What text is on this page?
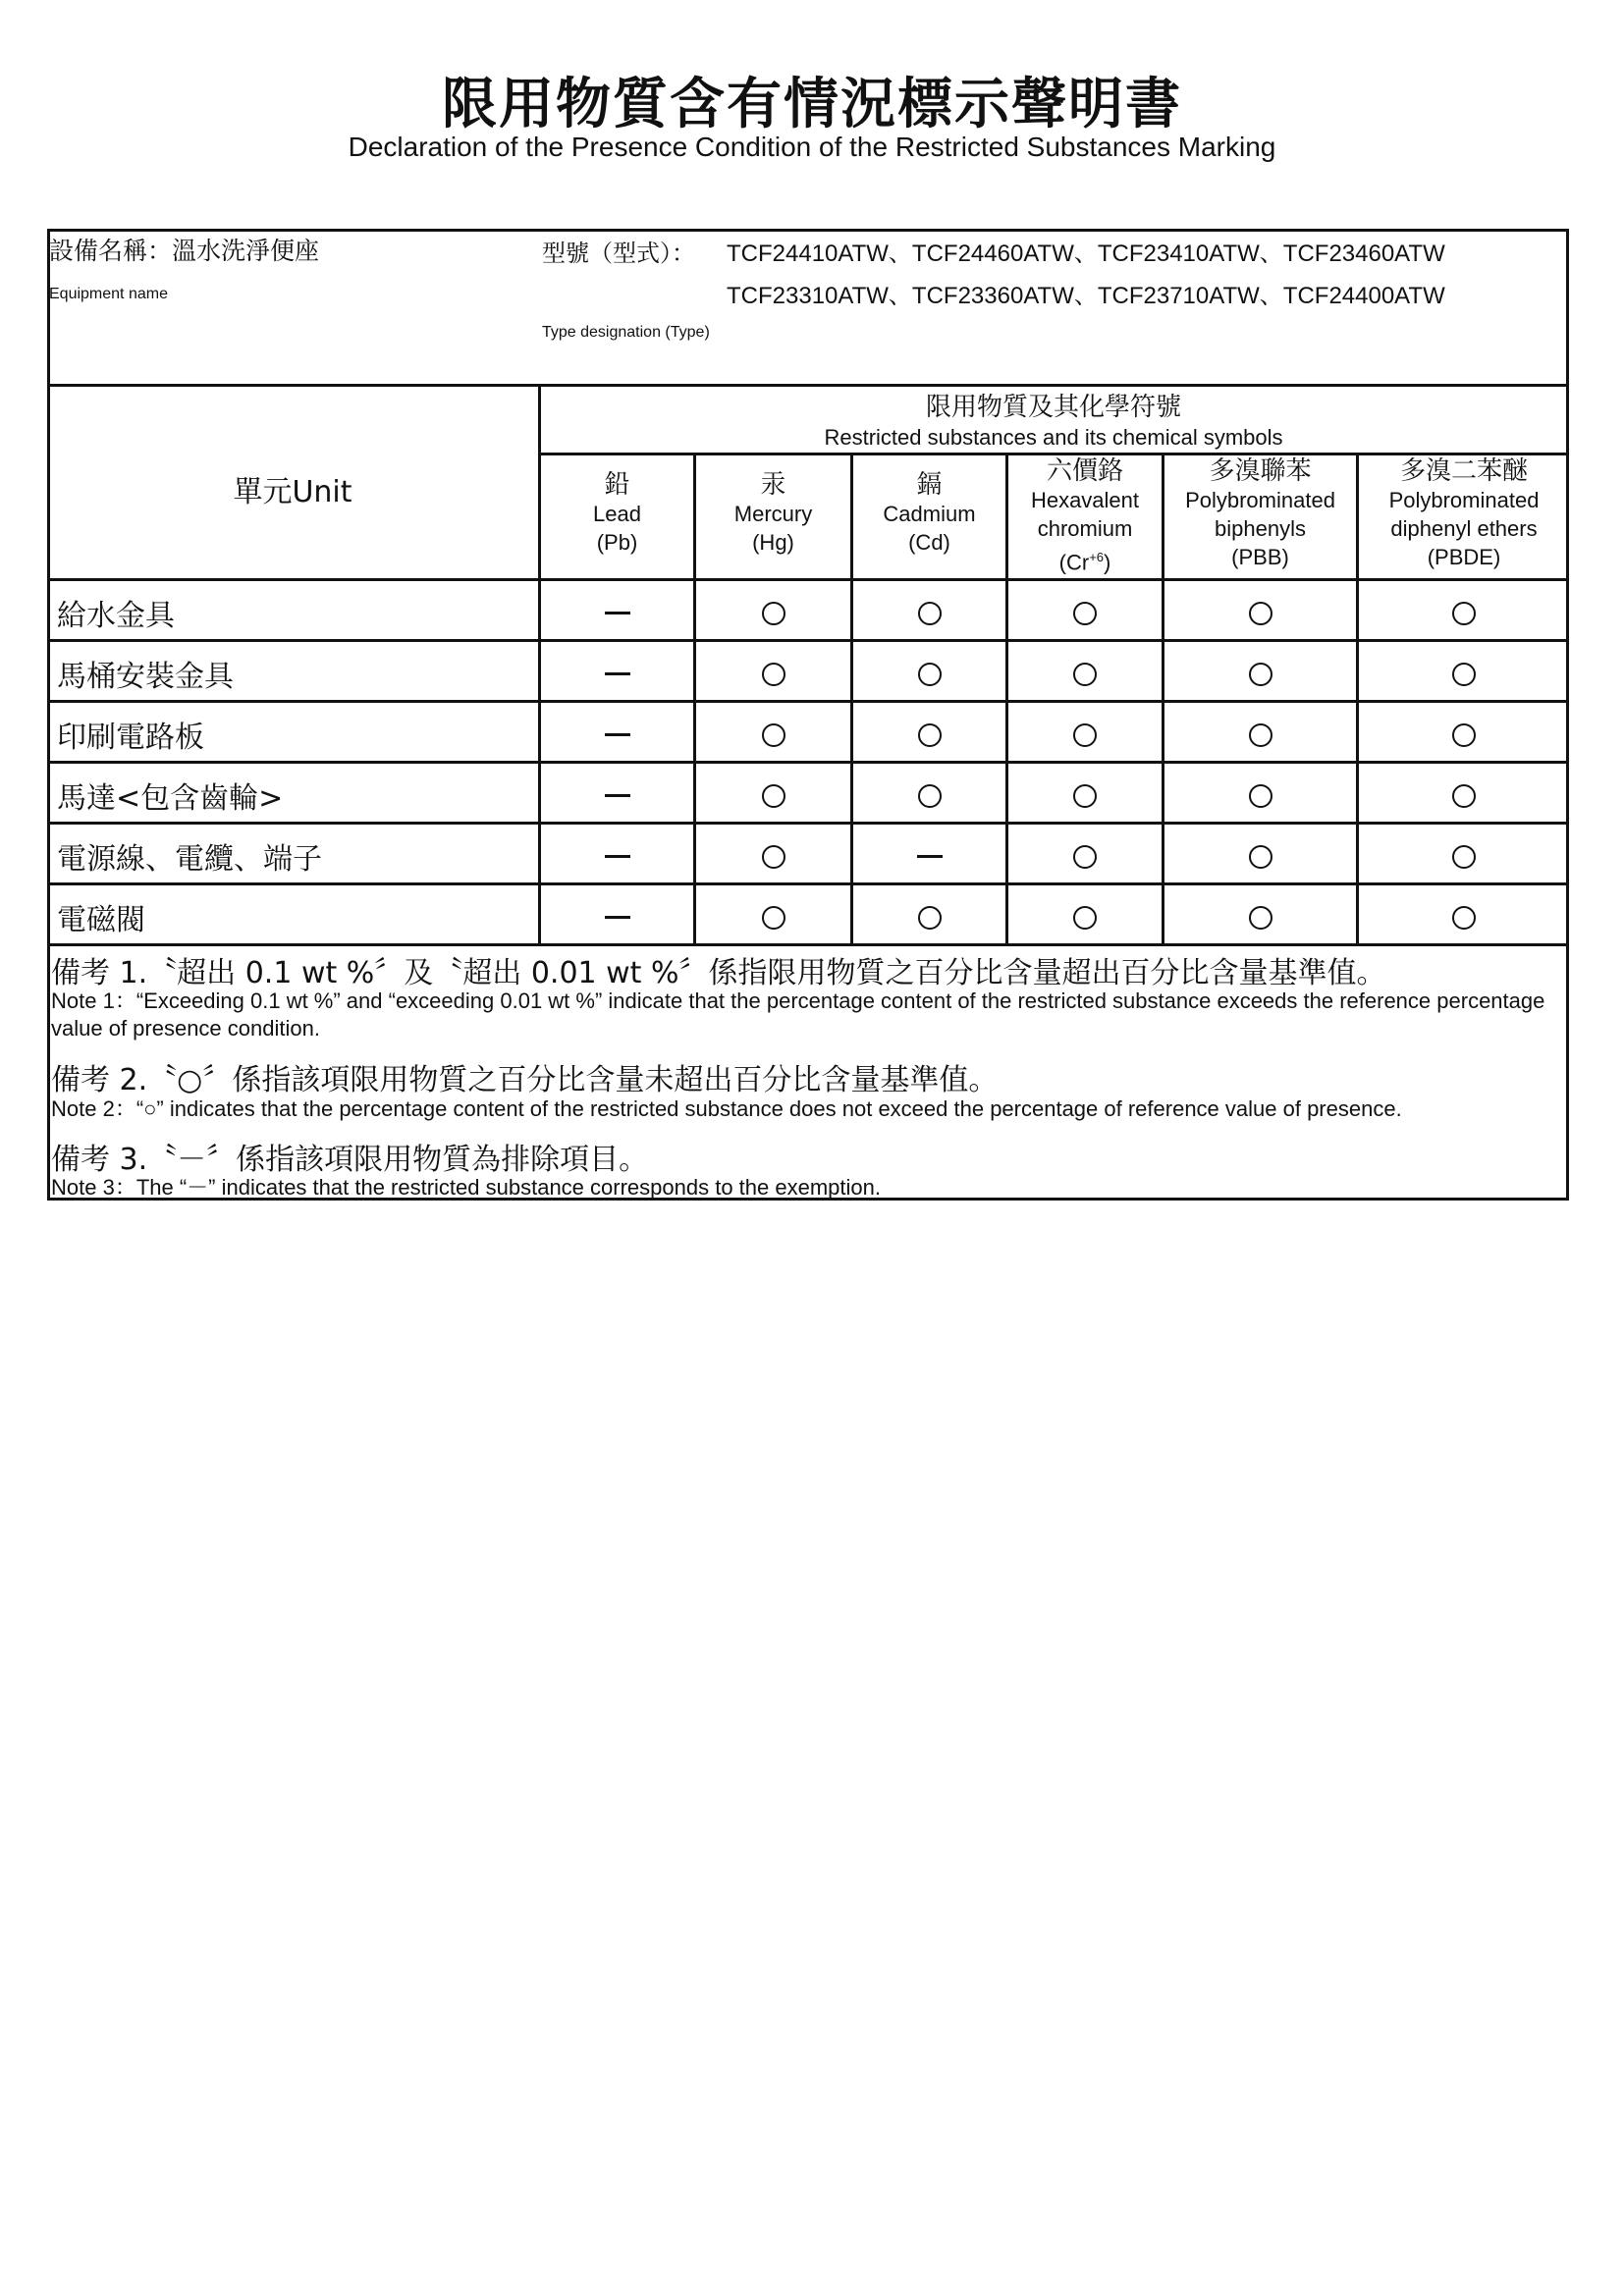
限用物質含有情況標示聲明書
Declaration of the Presence Condition of the Restricted Substances Marking
設備名稱：溫水洗淨便座
Equipment name
型號（型式）： TCF24410ATW、TCF24460ATW、TCF23410ATW、TCF23460ATW
TCF23310ATW、TCF23360ATW、TCF23710ATW、TCF24400ATW
Type designation (Type)
單元Unit
限用物質及其化學符號
Restricted substances and its chemical symbols
鉛
Lead
(Pb)
汞
Mercury
(Hg)
鎘
Cadmium
(Cd)
六價鉻
Hexavalent
chromium
$(Cr^{+6})$
多溴聯苯
Polybrominated
biphenyls
(PBB)
多溴二苯醚
Polybrominated
diphenyl ethers
(PBDE)
給水金具
馬桶安裝金具
印刷電路板
馬達<包含齒輪>
電源線、電纜、端子
電磁閥
備考 1.〝超出 0.1 wt %〞及〝超出 0.01 wt %〞係指限用物質之百分比含量超出百分比含量基準值。
Note 1：“Exceeding 0.1 wt %” and “exceeding 0.01 wt %” indicate that the percentage content of the restricted substance exceeds the reference percentage value of presence condition.
備考 2.〝○〞係指該項限用物質之百分比含量未超出百分比含量基準值。
Note 2：“○” indicates that the percentage content of the restricted substance does not exceed the percentage of reference value of presence.
備考 3.〝－〞係指該項限用物質為排除項目。
Note 3：The “－” indicates that the restricted substance corresponds to the exemption.
